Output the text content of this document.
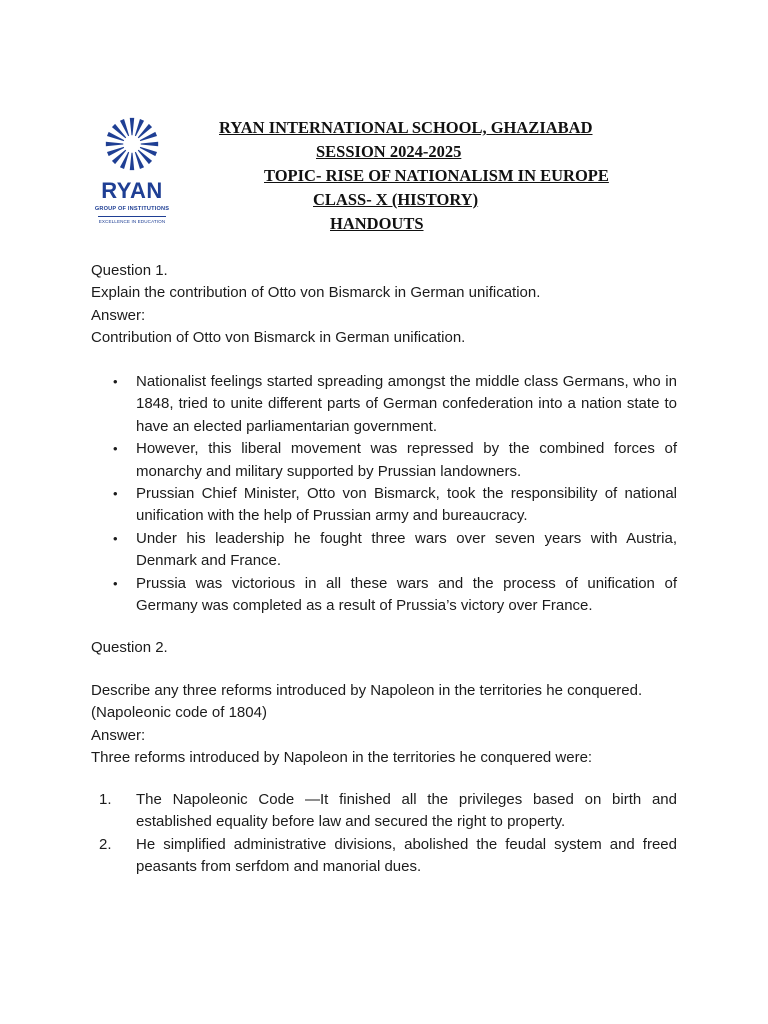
RYAN
GROUP OF INSTITUTIONS
EXCELLENCE IN EDUCATION
RYAN INTERNATIONAL SCHOOL, GHAZIABAD
SESSION 2024-2025
TOPIC- RISE OF NATIONALISM IN EUROPE
CLASS- X (HISTORY)
HANDOUTS
Question 1.
Explain the contribution of Otto von Bismarck in German unification.
Answer:
Contribution of Otto von Bismarck in German unification.
• Nationalist feelings started spreading amongst the middle class Germans, who in 1848, tried to unite different parts of German confederation into a nation state to have an elected parliamentarian government.
• However, this liberal movement was repressed by the combined forces of monarchy and military supported by Prussian landowners.
• Prussian Chief Minister, Otto von Bismarck, took the responsibility of national unification with the help of Prussian army and bureaucracy.
• Under his leadership he fought three wars over seven years with Austria, Denmark and France.
• Prussia was victorious in all these wars and the process of unification of Germany was completed as a result of Prussia’s victory over France.
Question 2.
Describe any three reforms introduced by Napoleon in the territories he conquered. (Napoleonic code of 1804)
Answer:
Three reforms introduced by Napoleon in the territories he conquered were:
1. The Napoleonic Code —It finished all the privileges based on birth and established equality before law and secured the right to property.
2. He simplified administrative divisions, abolished the feudal system and freed peasants from serfdom and manorial dues.
